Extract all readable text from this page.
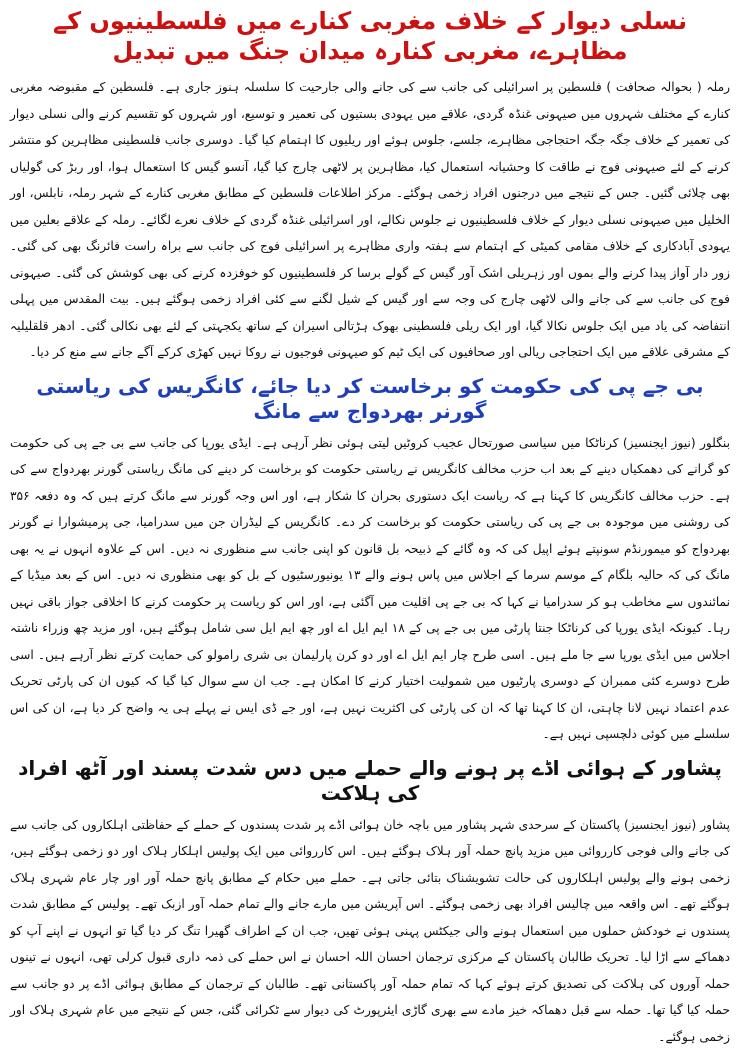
نسلی دیوار کے خلاف مغربی کنارے میں فلسطینیوں کے مظاہرے، مغربی کنارہ میدان جنگ میں تبدیل

رملہ ( بحوالہ صحافت ) فلسطین پر اسرائیلی کی جانب سے کی جانے والی جارحیت کا سلسلہ ہنوز جاری ہے۔ فلسطین کے مقبوضہ مغربی کنارے کے مختلف شہروں میں صیہونی غنڈہ گردی، علاقے میں یہودی بستیوں کی تعمیر و توسیع، اور شہروں کو تقسیم کرنے والی نسلی دیوار کی تعمیر کے خلاف جگہ جگہ احتجاجی مظاہرے، جلسے، جلوس ہوئے اور ریلیوں کا اہتمام کیا گیا۔ دوسری جانب فلسطینی مظاہرین کو منتشر کرنے کے لئے صیہونی فوج نے طاقت کا وحشیانہ استعمال کیا، مظاہرین پر لاٹھی چارج کیا گیا، آنسو گیس کا استعمال ہوا، اور ربڑ کی گولیاں بھی چلائی گئیں۔ جس کے نتیجے میں درجنوں افراد زخمی ہوگئے۔ مرکز اطلاعات فلسطین کے مطابق مغربی کنارے کے شہر رملہ، نابلس، اور الخلیل میں صیہونی نسلی دیوار کے خلاف فلسطینیوں نے جلوس نکالے، اور اسرائیلی غنڈہ گردی کے خلاف نعرے لگائے۔ رملہ کے علاقے بعلین میں یہودی آبادکاری کے خلاف مقامی کمیٹی کے اہتمام سے ہفتہ واری مظاہرے پر اسرائیلی فوج کی جانب سے براہ راست فائرنگ بھی کی گئی۔ زور دار آواز پیدا کرنے والے بموں اور زہریلی اشک آور گیس کے گولے برسا کر فلسطینیوں کو خوفزدہ کرنے کی بھی کوشش کی گئی۔ صیہونی فوج کی جانب سے کی جانے والی لاٹھی چارج کی وجہ سے اور گیس کے شیل لگنے سے کئی افراد زخمی ہوگئے ہیں۔ بیت المقدس میں پہلی انتفاضہ کی یاد میں ایک جلوس نکالا گیا، اور ایک ریلی فلسطینی بھوک ہڑتالی اسیران کے ساتھ یکجہتی کے لئے بھی نکالی گئی۔ ادھر قلقلیلیہ کے مشرقی علاقے میں ایک احتجاجی ریالی اور صحافیوں کی ایک ٹیم کو صیہونی فوجیوں نے روکا نہیں کھڑی کرکے آگے جانے سے منع کر دیا۔

بی جے پی کی حکومت کو برخاست کر دیا جائے، کانگریس کی ریاستی گورنر بھردواج سے مانگ

بنگلور (نیوز ایجنسیز) کرناٹکا میں سیاسی صورتحال عجیب کروٹیں لیتی ہوئی نظر آرہی ہے۔ ایڈی یورپا کی جانب سے بی جے پی کی حکومت کو گرانے کی دھمکیاں دینے کے بعد اب حزب مخالف کانگریس نے ریاستی حکومت کو برخاست کر دینے کی مانگ ریاستی گورنر بھردواج سے کی ہے۔ حزب مخالف کانگریس کا کہنا ہے کہ ریاست ایک دستوری بحران کا شکار ہے، اور اس وجہ گورنر سے مانگ کرتے ہیں کہ وہ دفعہ ۳۵۶ کی روشنی میں موجودہ بی جے پی کی ریاستی حکومت کو برخاست کر دے۔ کانگریس کے لیڈران جن میں سدرامیا، جی پرمیشوارا نے گورنر بھردواج کو میمورنڈم سونپتے ہوئے اپیل کی کہ وہ گائے کے ذبیحہ بل قانون کو اپنی جانب سے منظوری نہ دیں۔ اس کے علاوہ انہوں نے یہ بھی مانگ کی کہ حالیہ بلگام کے موسم سرما کے اجلاس میں پاس ہونے والے ۱۳ یونیورسٹیوں کے بل کو بھی منظوری نہ دیں۔ اس کے بعد میڈیا کے نمائندوں سے مخاطب ہو کر سدرامیا نے کہا کہ بی جے پی اقلیت میں آگئی ہے، اور اس کو ریاست پر حکومت کرنے کا اخلاقی جواز باقی نہیں رہا۔ کیونکہ ایڈی یورپا کی کرناٹکا جنتا پارٹی میں بی جے پی کے ۱۸ ایم ایل اے اور چھ ایم ایل سی شامل ہوگئے ہیں، اور مزید چھ وزراء ناشتہ اجلاس میں ایڈی یورپا سے جا ملے ہیں۔ اسی طرح چار ایم ایل اے اور دو کرن پارلیمان بی شری رامولو کی حمایت کرتے نظر آرہے ہیں۔ اسی طرح دوسرے کئی ممبران کے دوسری پارٹیوں میں شمولیت اختیار کرنے کا امکان ہے۔ جب ان سے سوال کیا گیا کہ کیوں ان کی پارٹی تحریک عدم اعتماد نہیں لانا چاہتی، ان کا کہنا تھا کہ ان کی پارٹی کی اکثریت نہیں ہے، اور جے ڈی ایس نے پہلے ہی یہ واضح کر دیا ہے، ان کی اس سلسلے میں کوئی دلچسپی نہیں ہے۔

پشاور کے ہوائی اڈے پر ہونے والے حملے میں دس شدت پسند اور آٹھ افراد کی ہلاکت

پشاور (نیوز ایجنسیز) پاکستان کے سرحدی شہر پشاور میں باچہ خان ہوائی اڈے پر شدت پسندوں کے حملے کے حفاظتی اہلکاروں کی جانب سے کی جانے والی فوجی کارروائی میں مزید پانچ حملہ آور ہلاک ہوگئے ہیں۔ اس کارروائی میں ایک پولیس اہلکار ہلاک اور دو زخمی ہوگئے ہیں، زخمی ہونے والے پولیس اہلکاروں کی حالت تشویشناک بتائی جاتی ہے۔ حملے میں حکام کے مطابق پانچ حملہ آور اور چار عام شہری ہلاک ہوگئے تھے۔ اس واقعہ میں چالیس افراد بھی زخمی ہوگئے۔ اس آپریشن میں مارے جانے والے تمام حملہ آور ازبک تھے۔ پولیس کے مطابق شدت پسندوں نے خودکش حملوں میں استعمال ہونے والی جیکٹس پہنی ہوئی تھیں، جب ان کے اطراف گھیرا تنگ کر دیا گیا تو انہوں نے اپنے آپ کو دھماکے سے اڑا لیا۔ تحریک طالبان پاکستان کے مرکزی ترجمان احسان اللہ احسان نے اس حملے کی ذمہ داری قبول کرلی تھی، انہوں نے تینوں حملہ آوروں کی ہلاکت کی تصدیق کرتے ہوئے کہا کہ تمام حملہ آور پاکستانی تھے۔ طالبان کے ترجمان کے مطابق ہوائی اڈے پر دو جانب سے حملہ کیا گیا تھا۔ حملہ سے قبل دھماکہ خیز مادے سے بھری گاڑی ایئرپورٹ کی دیوار سے ٹکرائی گئی، جس کے نتیجے میں عام شہری ہلاک اور زخمی ہوگئے۔
